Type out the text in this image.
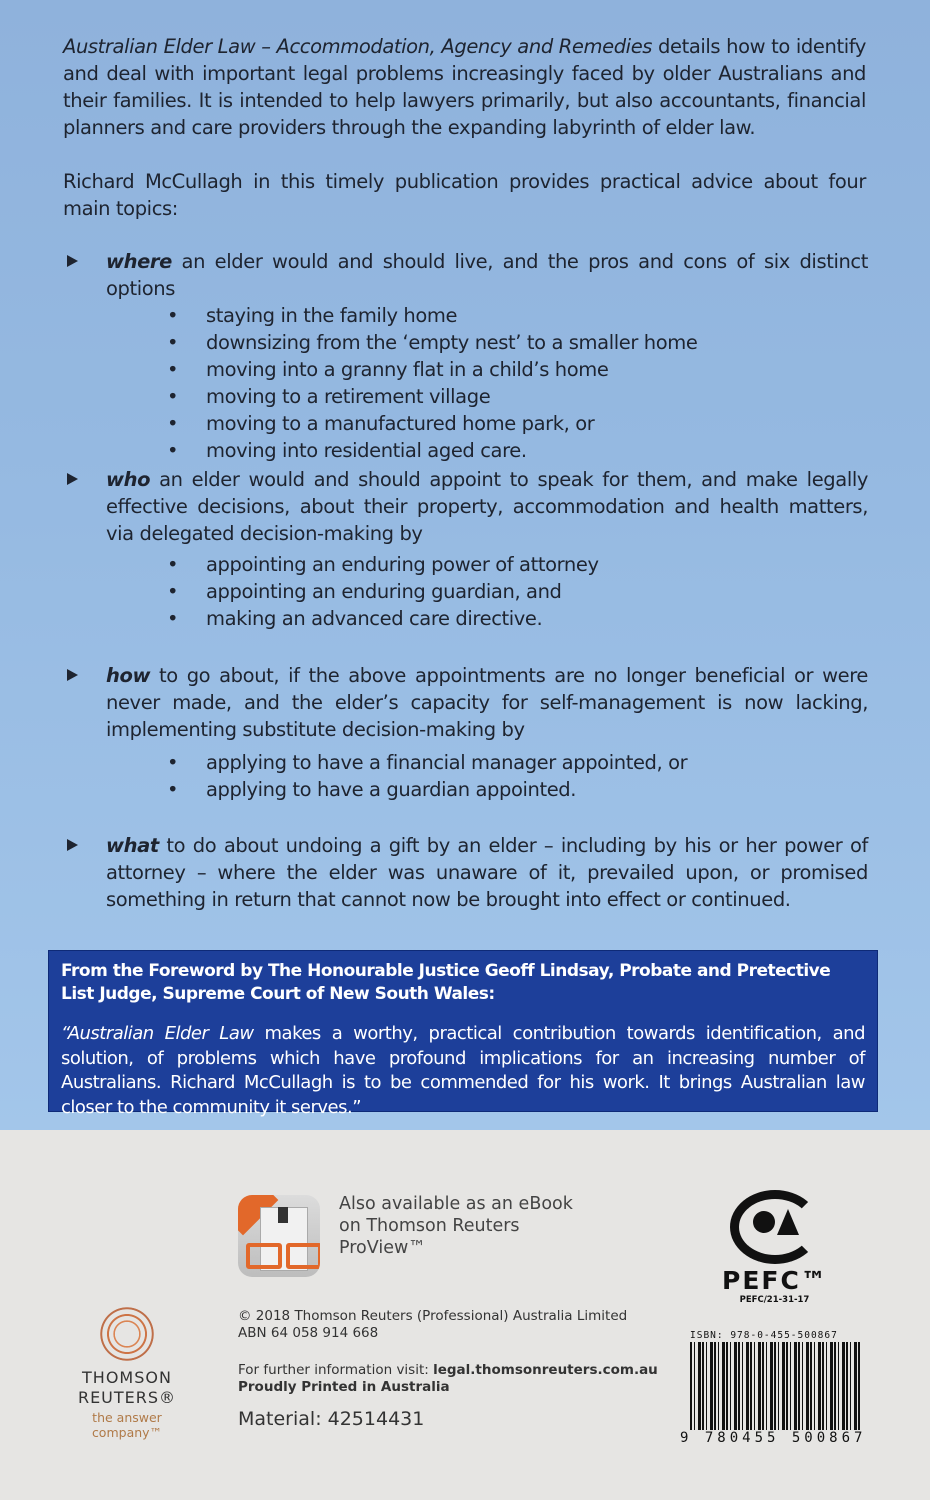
Australian Elder Law – Accommodation, Agency and Remedies details how to identify and deal with important legal problems increasingly faced by older Australians and their families. It is intended to help lawyers primarily, but also accountants, financial planners and care providers through the expanding labyrinth of elder law.
Richard McCullagh in this timely publication provides practical advice about four main topics:
where an elder would and should live, and the pros and cons of six distinct options
• staying in the family home
• downsizing from the ‘empty nest’ to a smaller home
• moving into a granny flat in a child’s home
• moving to a retirement village
• moving to a manufactured home park, or
• moving into residential aged care.
who an elder would and should appoint to speak for them, and make legally effective decisions, about their property, accommodation and health matters, via delegated decision-making by
• appointing an enduring power of attorney
• appointing an enduring guardian, and
• making an advanced care directive.
how to go about, if the above appointments are no longer beneficial or were never made, and the elder’s capacity for self-management is now lacking, implementing substitute decision-making by
• applying to have a financial manager appointed, or
• applying to have a guardian appointed.
what to do about undoing a gift by an elder – including by his or her power of attorney – where the elder was unaware of it, prevailed upon, or promised something in return that cannot now be brought into effect or continued.
From the Foreword by The Honourable Justice Geoff Lindsay, Probate and Pretective List Judge, Supreme Court of New South Wales:
“Australian Elder Law makes a worthy, practical contribution towards identification, and solution, of problems which have profound implications for an increasing number of Australians. Richard McCullagh is to be commended for his work. It brings Australian law closer to the community it serves.”
Also available as an eBook
on Thomson Reuters
ProView™
© 2018 Thomson Reuters (Professional) Australia Limited
ABN 64 058 914 668
For further information visit: legal.thomsonreuters.com.au
Proudly Printed in Australia
Material: 42514431
THOMSON
REUTERS®
the answer company™
PEFC™
PEFC/21-31-17
ISBN: 978-0-455-500867
9 780455 500867
